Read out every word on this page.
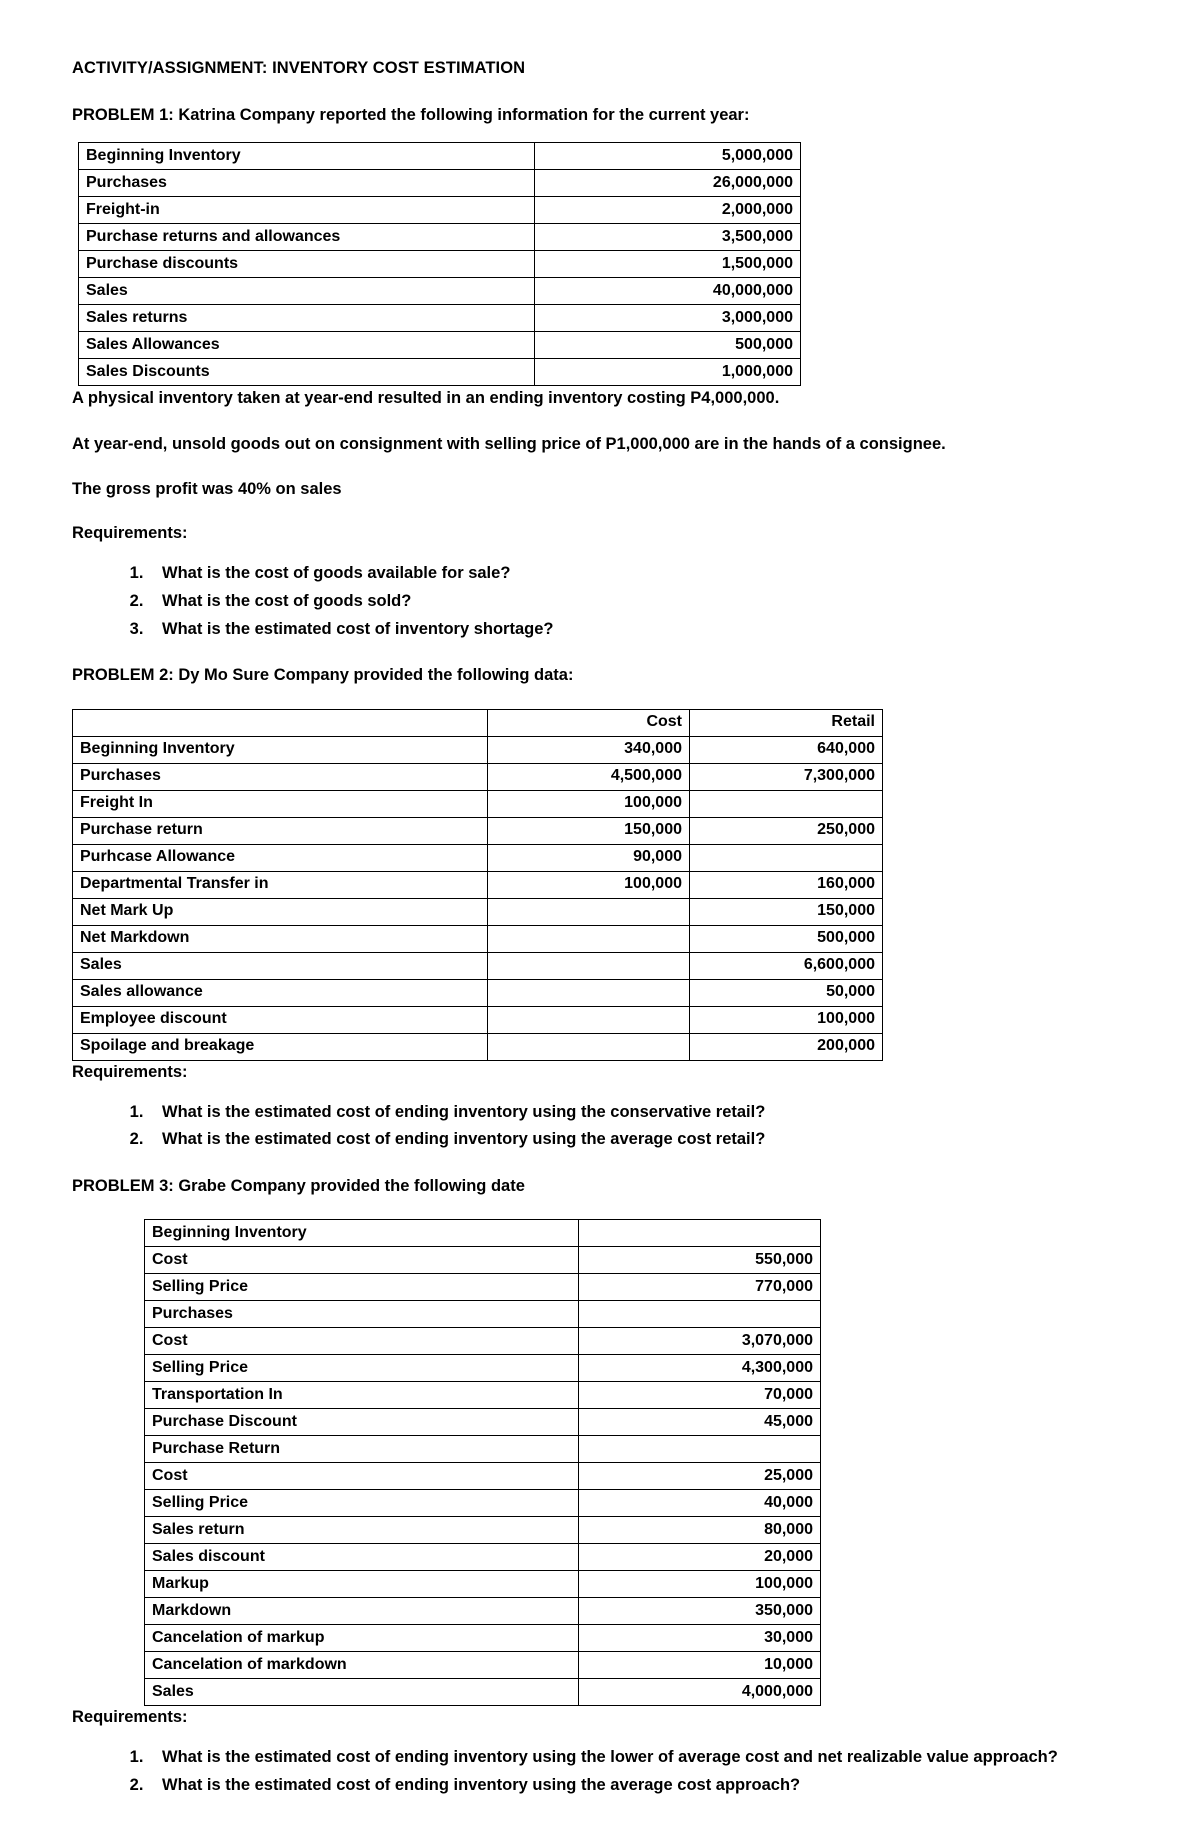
ACTIVITY/ASSIGNMENT: INVENTORY COST ESTIMATION

PROBLEM 1: Katrina Company reported the following information for the current year:

Beginning Inventory	5,000,000
Purchases	26,000,000
Freight-in	2,000,000
Purchase returns and allowances	3,500,000
Purchase discounts	1,500,000
Sales	40,000,000
Sales returns	3,000,000
Sales Allowances	500,000
Sales Discounts	1,000,000

A physical inventory taken at year-end resulted in an ending inventory costing P4,000,000.

At year-end, unsold goods out on consignment with selling price of P1,000,000 are in the hands of a consignee.

The gross profit was 40% on sales

Requirements:

1. What is the cost of goods available for sale?
2. What is the cost of goods sold?
3. What is the estimated cost of inventory shortage?

PROBLEM 2: Dy Mo Sure Company provided the following data:

	Cost	Retail
Beginning Inventory	340,000	640,000
Purchases	4,500,000	7,300,000
Freight In	100,000	
Purchase return	150,000	250,000
Purhcase Allowance	90,000	
Departmental Transfer in	100,000	160,000
Net Mark Up		150,000
Net Markdown		500,000
Sales		6,600,000
Sales allowance		50,000
Employee discount		100,000
Spoilage and breakage		200,000

Requirements:

1. What is the estimated cost of ending inventory using the conservative retail?
2. What is the estimated cost of ending inventory using the average cost retail?

PROBLEM 3: Grabe Company provided the following date

Beginning Inventory	
Cost	550,000
Selling Price	770,000
Purchases	
Cost	3,070,000
Selling Price	4,300,000
Transportation In	70,000
Purchase Discount	45,000
Purchase Return	
Cost	25,000
Selling Price	40,000
Sales return	80,000
Sales discount	20,000
Markup	100,000
Markdown	350,000
Cancelation of markup	30,000
Cancelation of markdown	10,000
Sales	4,000,000

Requirements:

1. What is the estimated cost of ending inventory using the lower of average cost and net realizable value approach?
2. What is the estimated cost of ending inventory using the average cost approach?
